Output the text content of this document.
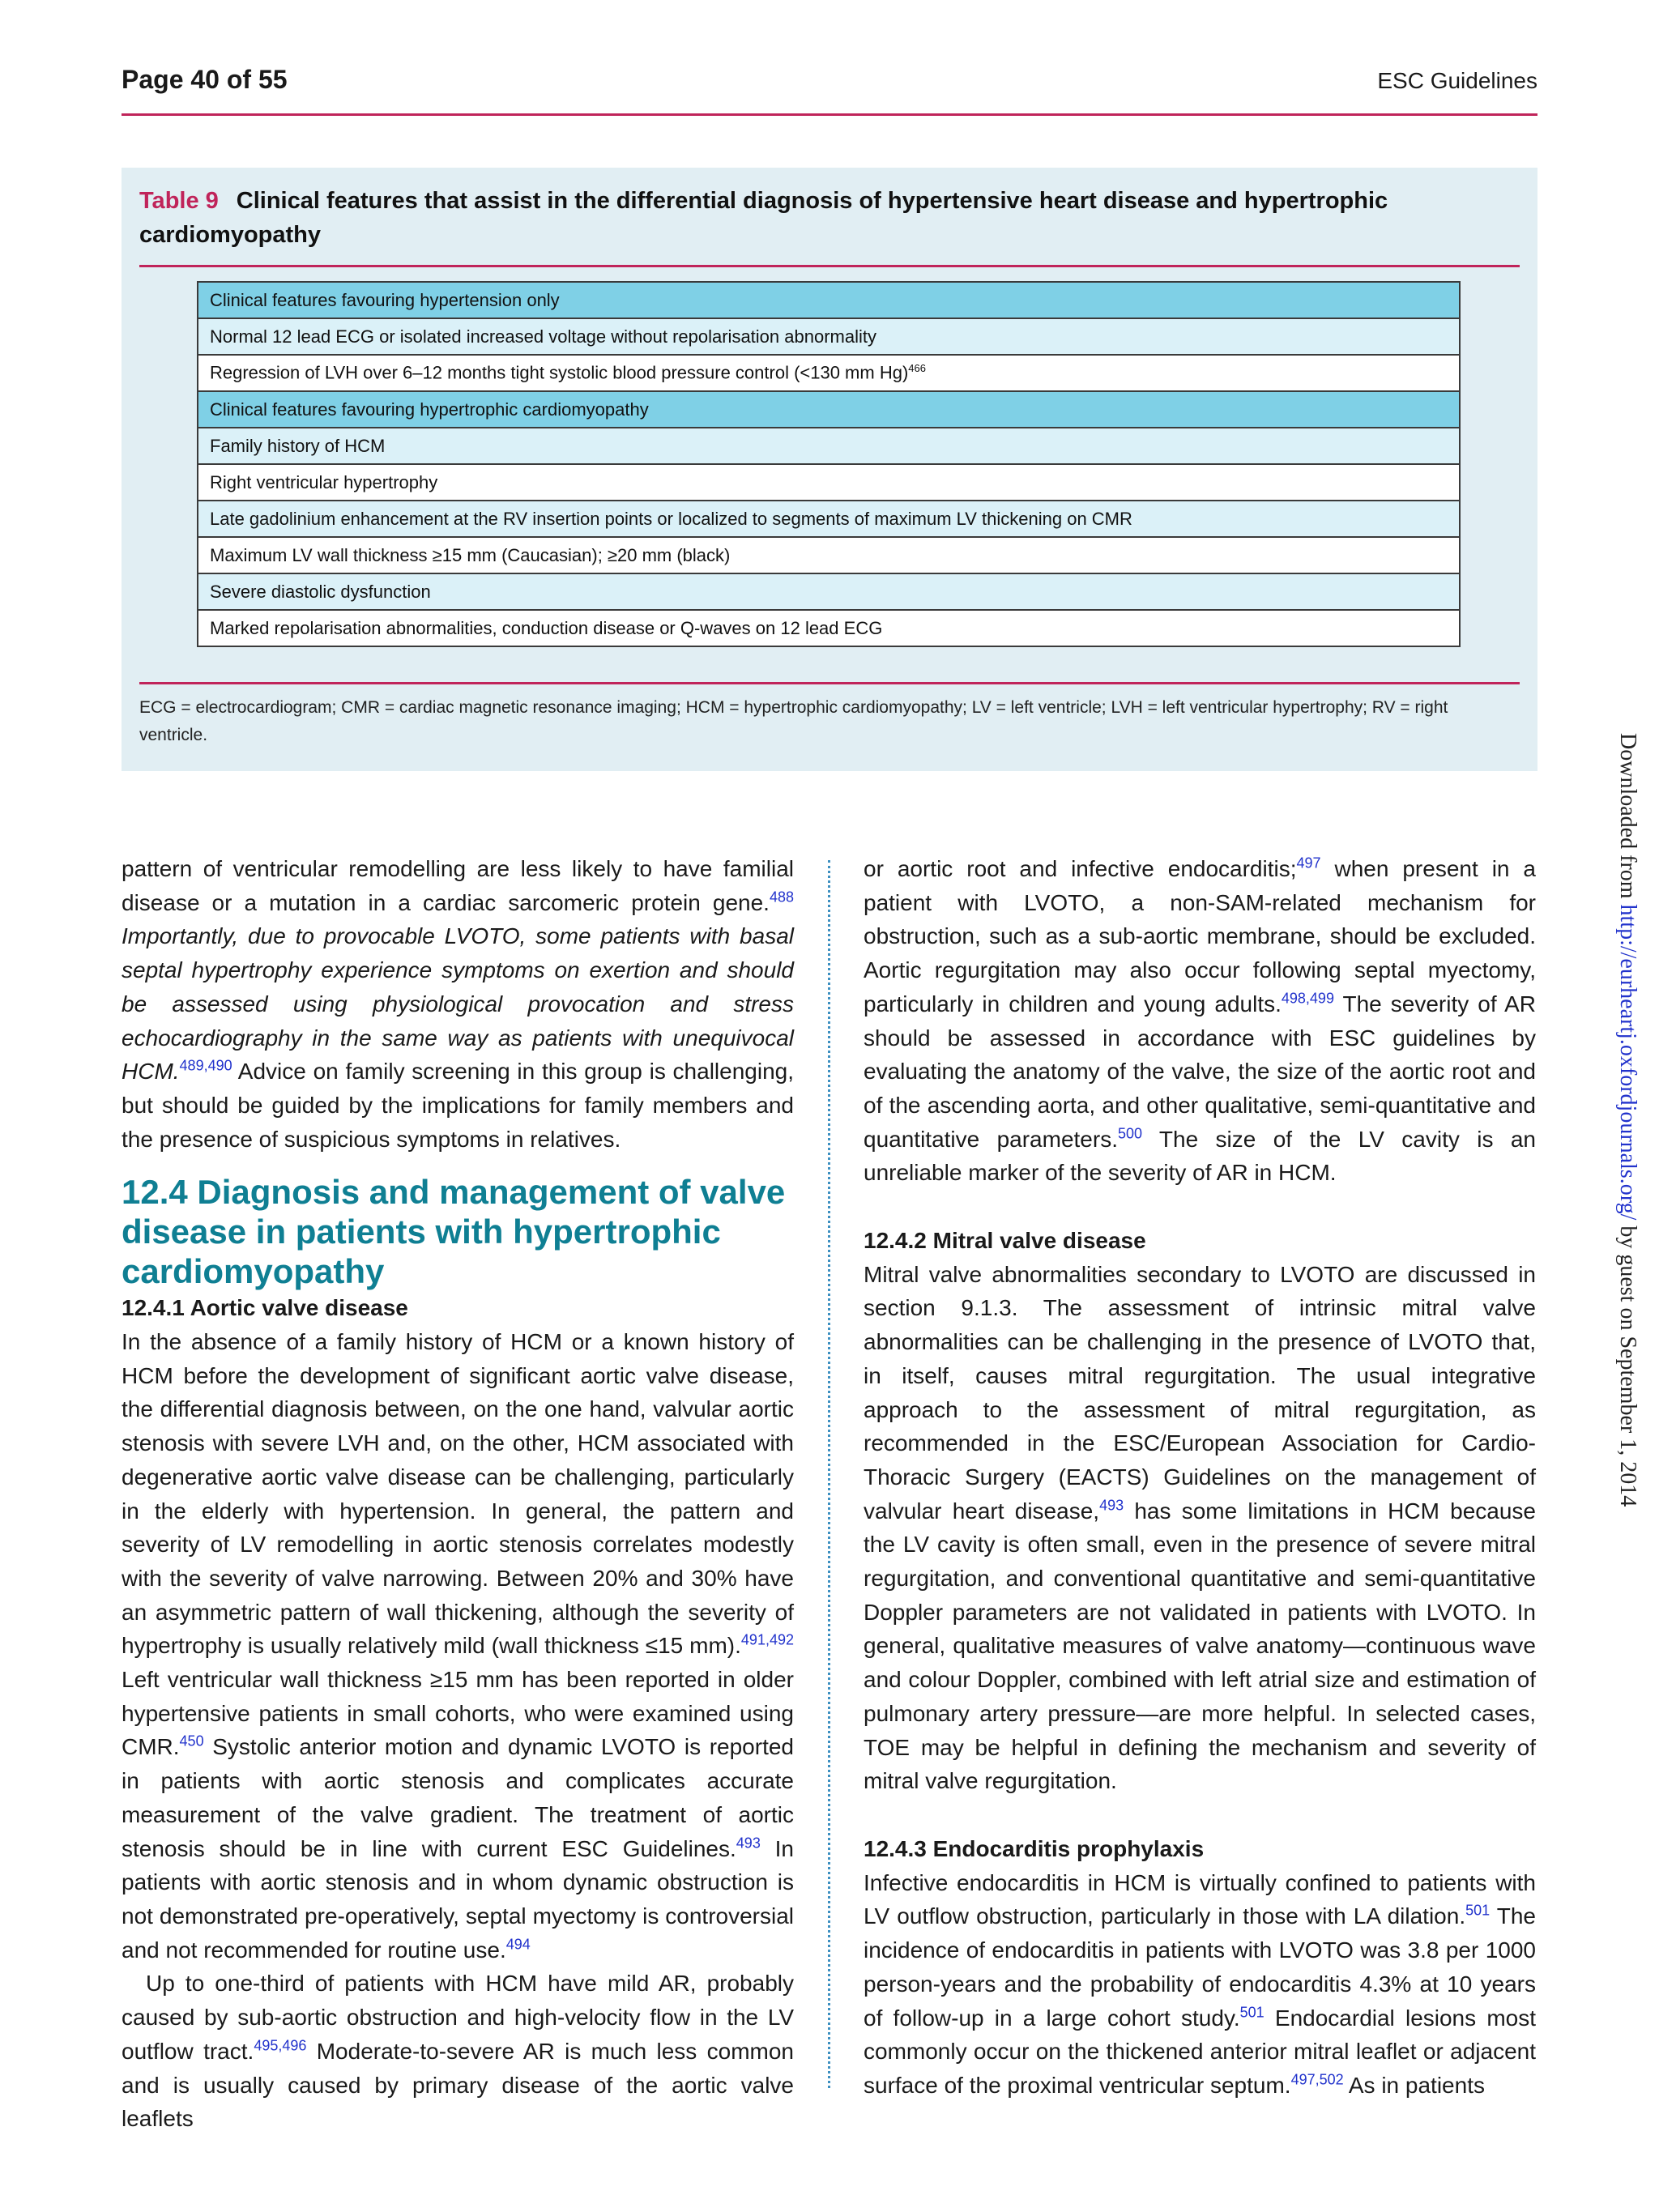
Page 40 of 55	ESC Guidelines
Table 9 Clinical features that assist in the differential diagnosis of hypertensive heart disease and hypertrophic cardiomyopathy
Clinical features favouring hypertension only
Normal 12 lead ECG or isolated increased voltage without repolarisation abnormality
Regression of LVH over 6–12 months tight systolic blood pressure control (<130 mm Hg)$^{466}$
Clinical features favouring hypertrophic cardiomyopathy
Family history of HCM
Right ventricular hypertrophy
Late gadolinium enhancement at the RV insertion points or localized to segments of maximum LV thickening on CMR
Maximum LV wall thickness ≥15 mm (Caucasian); ≥20 mm (black)
Severe diastolic dysfunction
Marked repolarisation abnormalities, conduction disease or Q-waves on 12 lead ECG
ECG = electrocardiogram; CMR = cardiac magnetic resonance imaging; HCM = hypertrophic cardiomyopathy; LV = left ventricle; LVH = left ventricular hypertrophy; RV = right ventricle.

pattern of ventricular remodelling are less likely to have familial disease or a mutation in a cardiac sarcomeric protein gene.$^{488}$ Importantly, due to provocable LVOTO, some patients with basal septal hypertrophy experience symptoms on exertion and should be assessed using physiological provocation and stress echocardiography in the same way as patients with unequivocal HCM.$^{489,490}$ Advice on family screening in this group is challenging, but should be guided by the implications for family members and the presence of suspicious symptoms in relatives.

12.4 Diagnosis and management of valve disease in patients with hypertrophic cardiomyopathy

12.4.1 Aortic valve disease

In the absence of a family history of HCM or a known history of HCM before the development of significant aortic valve disease, the differential diagnosis between, on the one hand, valvular aortic stenosis with severe LVH and, on the other, HCM associated with degenerative aortic valve disease can be challenging, particularly in the elderly with hypertension. In general, the pattern and severity of LV remodelling in aortic stenosis correlates modestly with the severity of valve narrowing. Between 20% and 30% have an asymmetric pattern of wall thickening, although the severity of hypertrophy is usually relatively mild (wall thickness ≤15 mm).$^{491,492}$ Left ventricular wall thickness ≥15 mm has been reported in older hypertensive patients in small cohorts, who were examined using CMR.$^{450}$ Systolic anterior motion and dynamic LVOTO is reported in patients with aortic stenosis and complicates accurate measurement of the valve gradient. The treatment of aortic stenosis should be in line with current ESC Guidelines.$^{493}$ In patients with aortic stenosis and in whom dynamic obstruction is not demonstrated pre-operatively, septal myectomy is controversial and not recommended for routine use.$^{494}$

Up to one-third of patients with HCM have mild AR, probably caused by sub-aortic obstruction and high-velocity flow in the LV outflow tract.$^{495,496}$ Moderate-to-severe AR is much less common and is usually caused by primary disease of the aortic valve leaflets

or aortic root and infective endocarditis;$^{497}$ when present in a patient with LVOTO, a non-SAM-related mechanism for obstruction, such as a sub-aortic membrane, should be excluded. Aortic regurgitation may also occur following septal myectomy, particularly in children and young adults.$^{498,499}$ The severity of AR should be assessed in accordance with ESC guidelines by evaluating the anatomy of the valve, the size of the aortic root and of the ascending aorta, and other qualitative, semi-quantitative and quantitative parameters.$^{500}$ The size of the LV cavity is an unreliable marker of the severity of AR in HCM.

12.4.2 Mitral valve disease

Mitral valve abnormalities secondary to LVOTO are discussed in section 9.1.3. The assessment of intrinsic mitral valve abnormalities can be challenging in the presence of LVOTO that, in itself, causes mitral regurgitation. The usual integrative approach to the assessment of mitral regurgitation, as recommended in the ESC/European Association for Cardio-Thoracic Surgery (EACTS) Guidelines on the management of valvular heart disease,$^{493}$ has some limitations in HCM because the LV cavity is often small, even in the presence of severe mitral regurgitation, and conventional quantitative and semi-quantitative Doppler parameters are not validated in patients with LVOTO. In general, qualitative measures of valve anatomy—continuous wave and colour Doppler, combined with left atrial size and estimation of pulmonary artery pressure—are more helpful. In selected cases, TOE may be helpful in defining the mechanism and severity of mitral valve regurgitation.

12.4.3 Endocarditis prophylaxis

Infective endocarditis in HCM is virtually confined to patients with LV outflow obstruction, particularly in those with LA dilation.$^{501}$ The incidence of endocarditis in patients with LVOTO was 3.8 per 1000 person-years and the probability of endocarditis 4.3% at 10 years of follow-up in a large cohort study.$^{501}$ Endocardial lesions most commonly occur on the thickened anterior mitral leaflet or adjacent surface of the proximal ventricular septum.$^{497,502}$ As in patients

Downloaded from http://eurheartj.oxfordjournals.org/ by guest on September 1, 2014
